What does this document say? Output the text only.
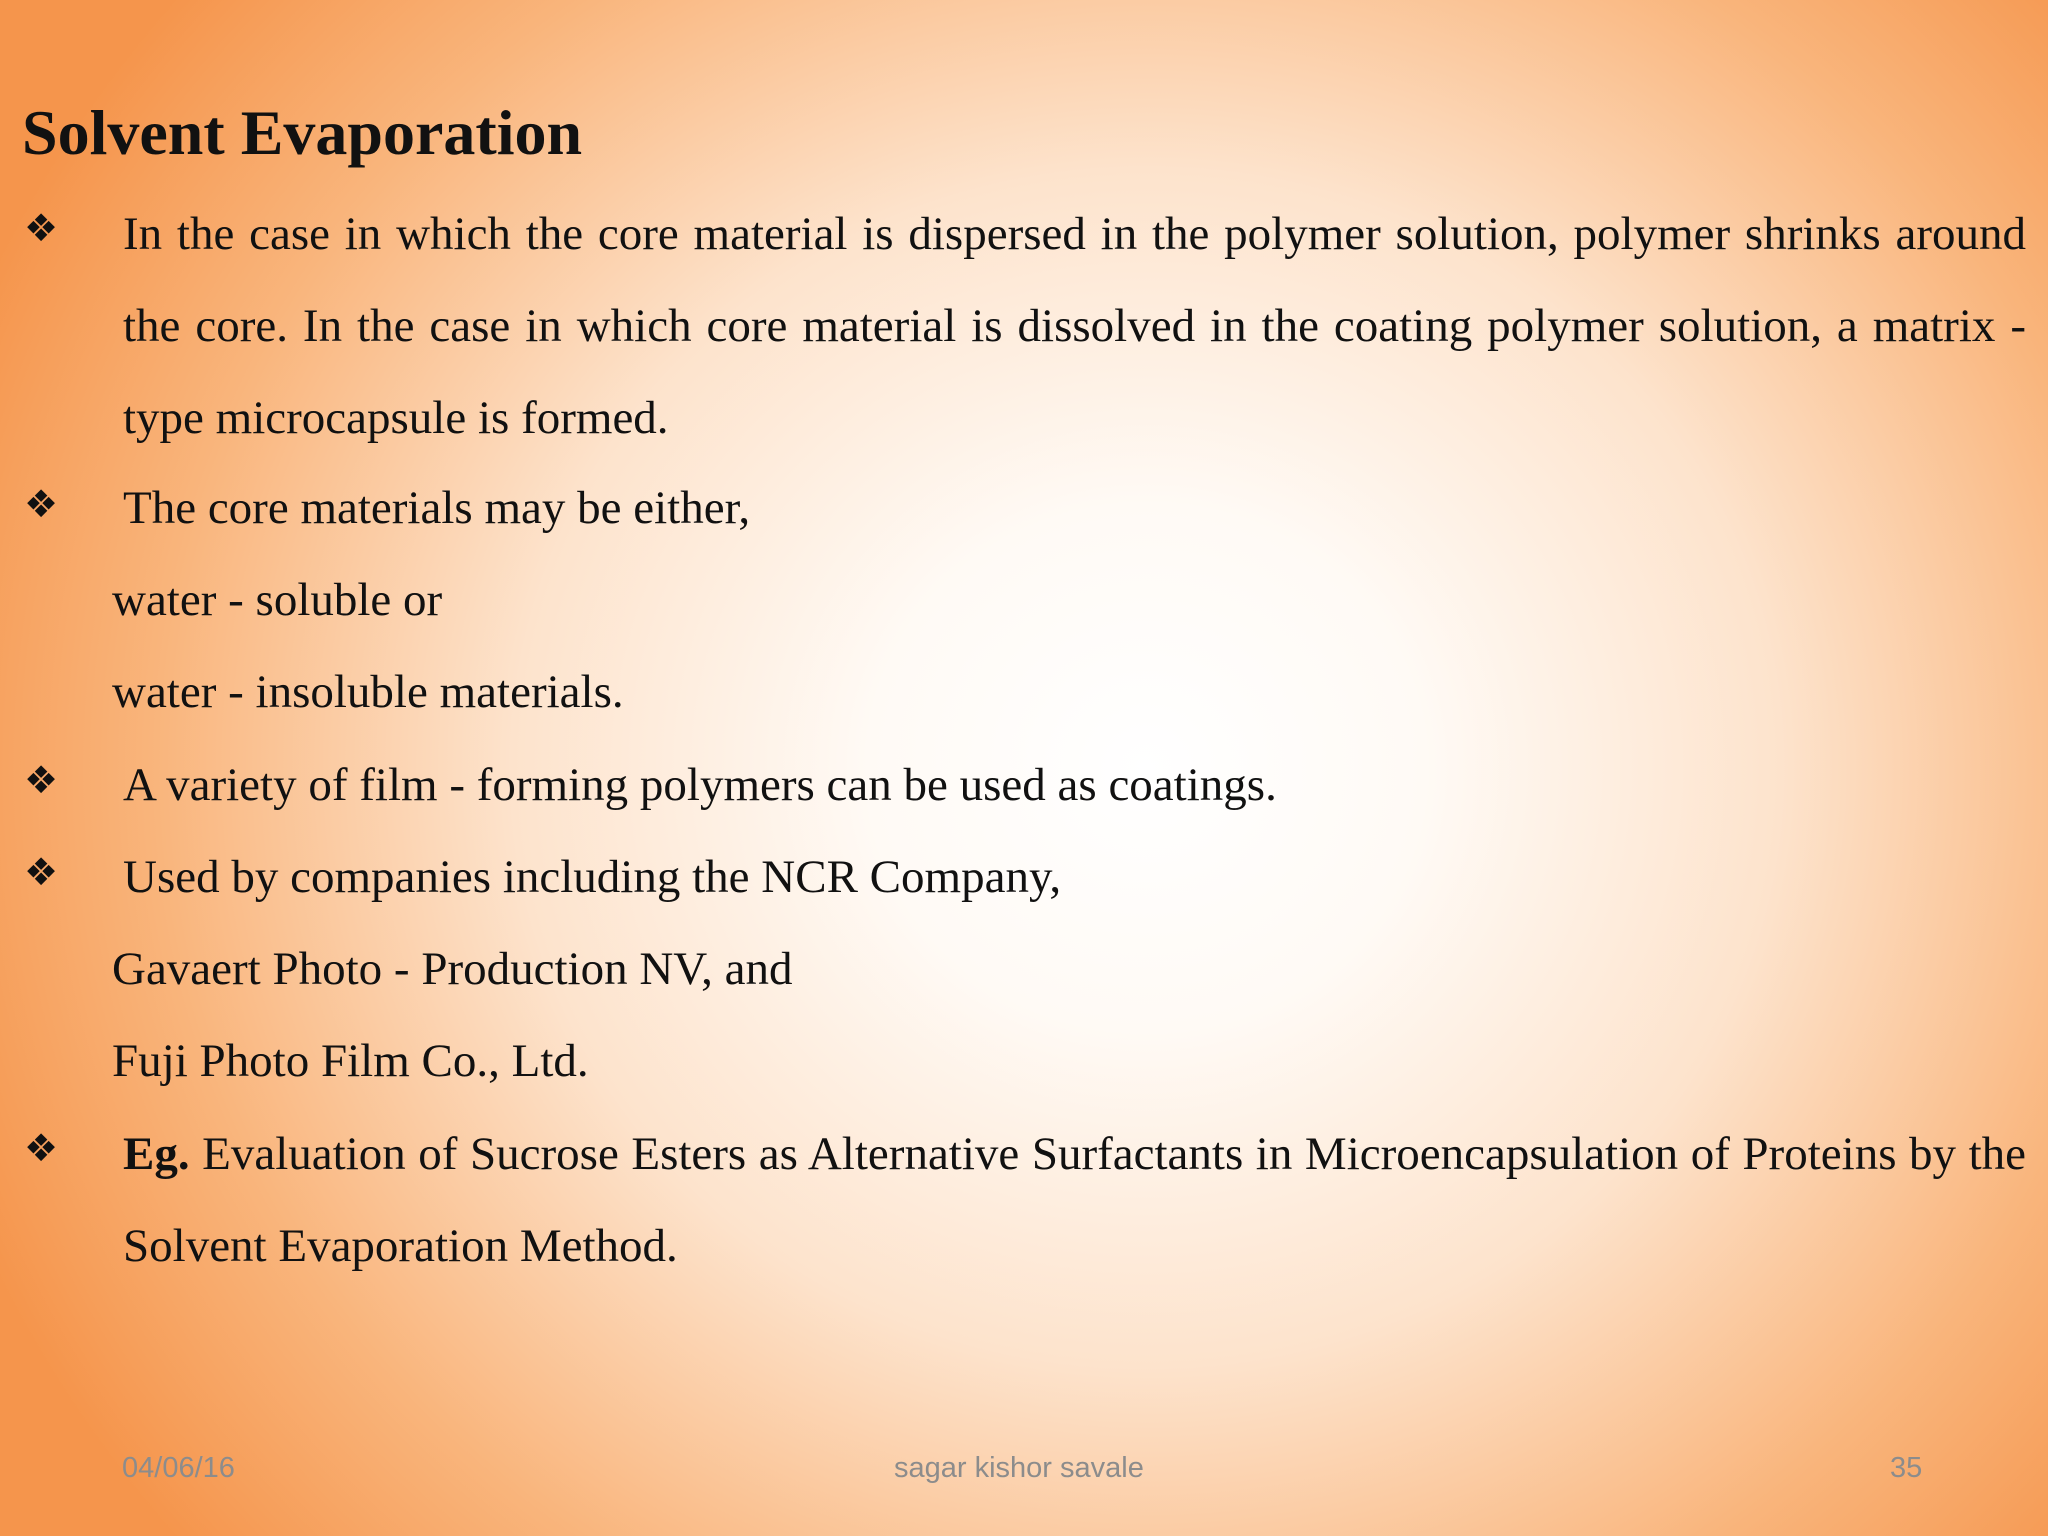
Solvent Evaporation
❖ In the case in which the core material is dispersed in the polymer solution, polymer shrinks around the core. In the case in which core material is dissolved in the coating polymer solution, a matrix - type microcapsule is formed.

❖ The core materials may be either,

water - soluble or

water - insoluble materials.

❖ A variety of film - forming polymers can be used as coatings.

❖ Used by companies including the NCR Company,

Gavaert Photo - Production NV, and

Fuji Photo Film Co., Ltd.

❖ Eg. Evaluation of Sucrose Esters as Alternative Surfactants in Microencapsulation of Proteins by the Solvent Evaporation Method.

04/06/16	sagar kishor savale	35
